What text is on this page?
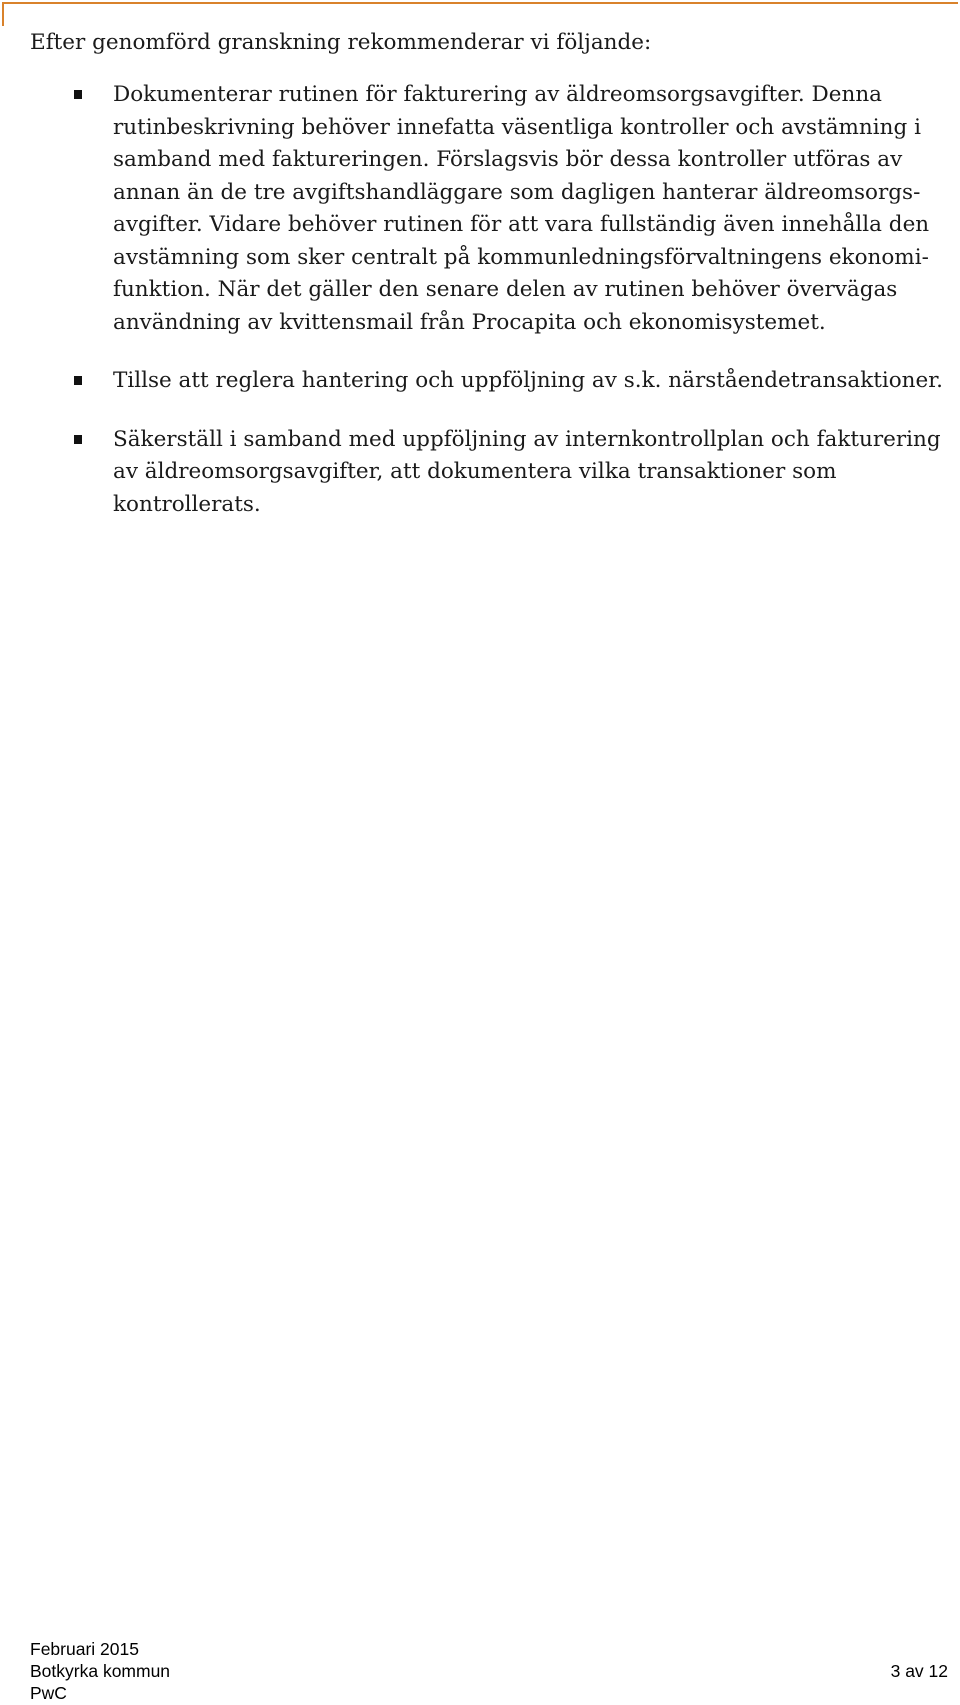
Efter genomförd granskning rekommenderar vi följande:

Dokumenterar rutinen för fakturering av äldreomsorgsavgifter. Denna rutinbeskrivning behöver innefatta väsentliga kontroller och avstämning i samband med faktureringen. Förslagsvis bör dessa kontroller utföras av annan än de tre avgiftshandläggare som dagligen hanterar äldreomsorgs-avgifter. Vidare behöver rutinen för att vara fullständig även innehålla den avstämning som sker centralt på kommunledningsförvaltningens ekonomi-funktion. När det gäller den senare delen av rutinen behöver övervägas användning av kvittensmail från Procapita och ekonomisystemet.
Tillse att reglera hantering och uppföljning av s.k. närståendetransaktioner.
Säkerställ i samband med uppföljning av internkontrollplan och fakturering av äldreomsorgsavgifter, att dokumentera vilka transaktioner som kontrollerats.
Februari 2015
Botkyrka kommun
PwC
3 av 12
